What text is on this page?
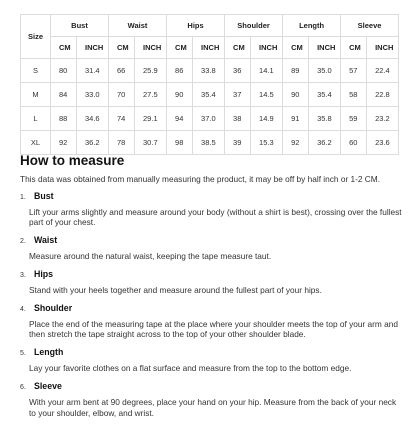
Size	Bust		Waist		Hips		Shoulder		Length		Sleeve	
	CM	INCH	CM	INCH	CM	INCH	CM	INCH	CM	INCH	CM	INCH
S	80	31.4	66	25.9	86	33.8	36	14.1	89	35.0	57	22.4
M	84	33.0	70	27.5	90	35.4	37	14.5	90	35.4	58	22.8
L	88	34.6	74	29.1	94	37.0	38	14.9	91	35.8	59	23.2
XL	92	36.2	78	30.7	98	38.5	39	15.3	92	36.2	60	23.6
How to measure

This data was obtained from manually measuring the product, it may be off by half inch or 1-2 CM.

1. Bust

Lift your arms slightly and measure around your body (without a shirt is best), crossing over the fullest part of your chest.

2. Waist

Measure around the natural waist, keeping the tape measure taut.

3. Hips

Stand with your heels together and measure around the fullest part of your hips.

4. Shoulder

Place the end of the measuring tape at the place where your shoulder meets the top of your arm and then stretch the tape straight across to the top of your other shoulder blade.

5. Length

Lay your favorite clothes on a flat surface and measure from the top to the bottom edge.

6. Sleeve

With your arm bent at 90 degrees, place your hand on your hip. Measure from the back of your neck to your shoulder, elbow, and wrist.
